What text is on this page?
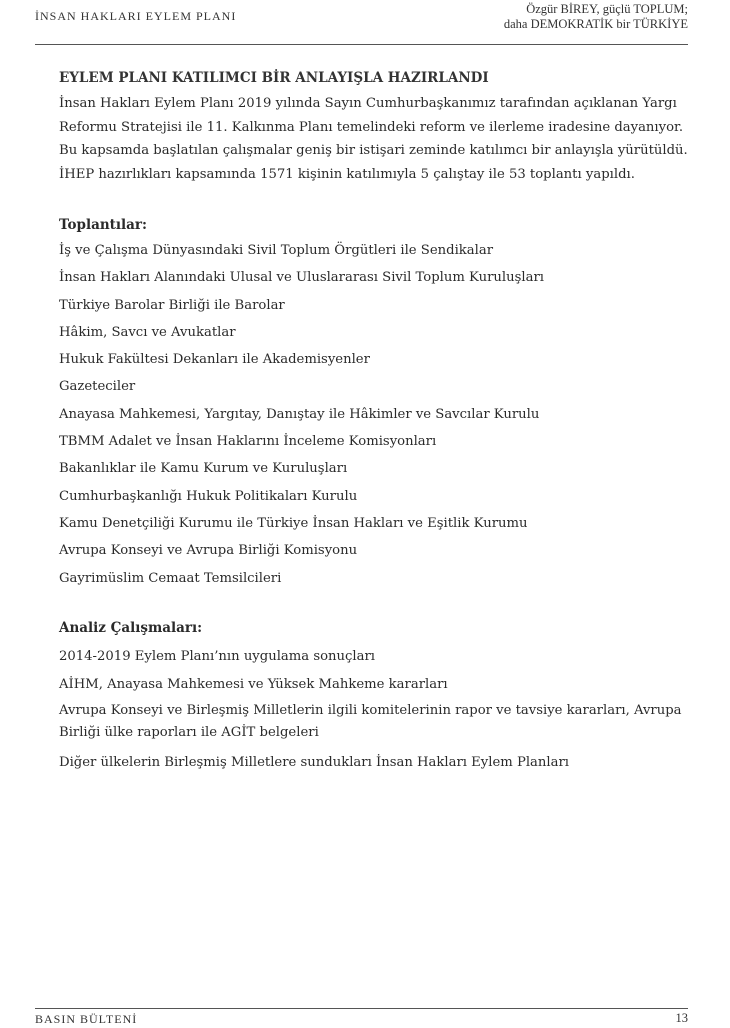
İNSAN HAKLARI EYLEM PLANI	Özgür BİREY, güçlü TOPLUM;
daha DEMOKRATİK bir TÜRKİYE
EYLEM PLANI KATILIMCI BİR ANLAYIŞLA HAZIRLANDI

İnsan Hakları Eylem Planı 2019 yılında Sayın Cumhurbaşkanımız tarafından açıklanan Yargı Reformu Stratejisi ile 11. Kalkınma Planı temelindeki reform ve ilerleme iradesine dayanıyor. Bu kapsamda başlatılan çalışmalar geniş bir istişari zeminde katılımcı bir anlayışla yürütüldü.

İHEP hazırlıkları kapsamında 1571 kişinin katılımıyla 5 çalıştay ile 53 toplantı yapıldı.

Toplantılar:
İş ve Çalışma Dünyasındaki Sivil Toplum Örgütleri ile Sendikalar
İnsan Hakları Alanındaki Ulusal ve Uluslararası Sivil Toplum Kuruluşları
Türkiye Barolar Birliği ile Barolar
Hâkim, Savcı ve Avukatlar
Hukuk Fakültesi Dekanları ile Akademisyenler
Gazeteciler
Anayasa Mahkemesi, Yargıtay, Danıştay ile Hâkimler ve Savcılar Kurulu
TBMM Adalet ve İnsan Haklarını İnceleme Komisyonları
Bakanlıklar ile Kamu Kurum ve Kuruluşları
Cumhurbaşkanlığı Hukuk Politikaları Kurulu
Kamu Denetçiliği Kurumu ile Türkiye İnsan Hakları ve Eşitlik Kurumu
Avrupa Konseyi ve Avrupa Birliği Komisyonu
Gayrimüslim Cemaat Temsilcileri
Analiz Çalışmaları:
2014-2019 Eylem Planı’nın uygulama sonuçları
AİHM, Anayasa Mahkemesi ve Yüksek Mahkeme kararları
Avrupa Konseyi ve Birleşmiş Milletlerin ilgili komitelerinin rapor ve tavsiye kararları, Avrupa Birliği ülke raporları ile AGİT belgeleri
Diğer ülkelerin Birleşmiş Milletlere sundukları İnsan Hakları Eylem Planları
BASIN BÜLTENİ	13
